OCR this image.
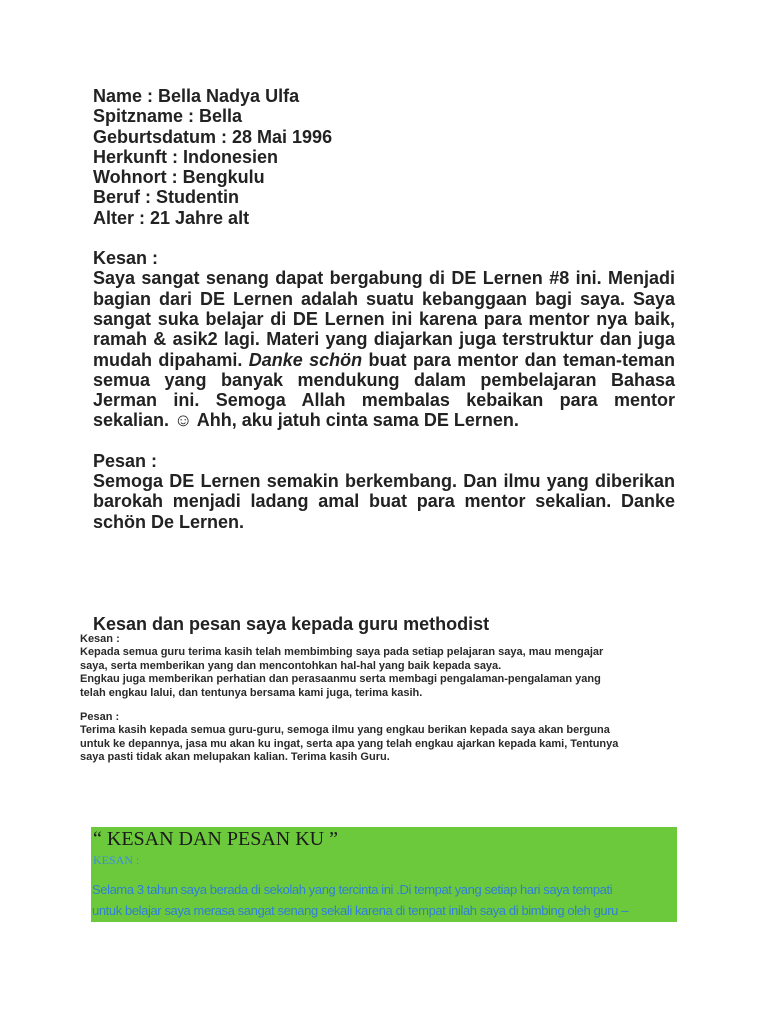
Name : Bella Nadya Ulfa
Spitzname : Bella
Geburtsdatum : 28 Mai 1996
Herkunft : Indonesien
Wohnort : Bengkulu
Beruf : Studentin
Alter : 21 Jahre alt
Kesan :
Saya sangat senang dapat bergabung di DE Lernen #8 ini. Menjadi bagian dari DE Lernen adalah suatu kebanggaan bagi saya. Saya sangat suka belajar di DE Lernen ini karena para mentor nya baik, ramah & asik2 lagi. Materi yang diajarkan juga terstruktur dan juga mudah dipahami. Danke schön buat para mentor dan teman-teman semua yang banyak mendukung dalam pembelajaran Bahasa Jerman ini. Semoga Allah membalas kebaikan para mentor sekalian. ☺ Ahh, aku jatuh cinta sama DE Lernen.
Pesan :
Semoga DE Lernen semakin berkembang. Dan ilmu yang diberikan barokah menjadi ladang amal buat para mentor sekalian. Danke schön De Lernen.
Kesan dan pesan saya kepada guru methodist
Kesan :
Kepada semua guru terima kasih telah membimbing saya pada setiap pelajaran saya, mau mengajar
saya, serta memberikan yang dan mencontohkan hal-hal yang baik kepada saya.
Engkau juga memberikan perhatian dan perasaanmu serta membagi pengalaman-pengalaman yang
telah engkau lalui, dan tentunya bersama kami juga, terima kasih.
Pesan :
Terima kasih kepada semua guru-guru, semoga ilmu yang engkau berikan kepada saya akan berguna
untuk ke depannya, jasa mu akan ku ingat, serta apa yang telah engkau ajarkan kepada kami, Tentunya
saya pasti tidak akan melupakan kalian. Terima kasih Guru.
“ KESAN DAN PESAN KU ”
KESAN :
Selama 3 tahun saya berada di sekolah yang tercinta ini .Di tempat yang setiap hari saya tempati
untuk belajar saya merasa sangat senang sekali karena di tempat inilah saya di bimbing oleh guru –
